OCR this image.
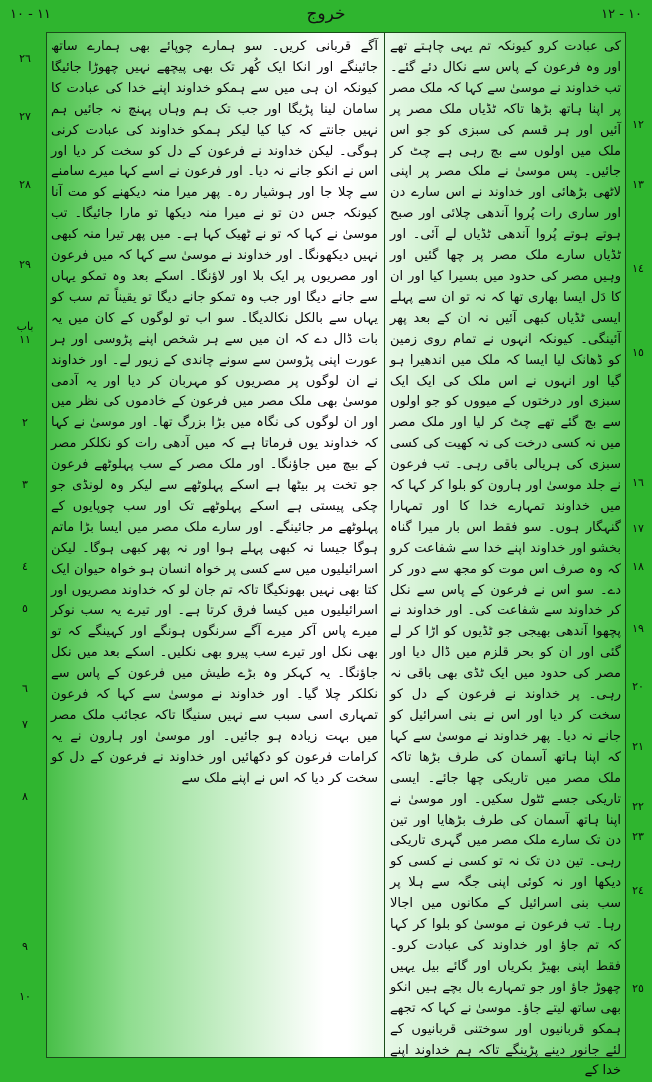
١١ - ١٠	خروج	١٠ - ١٢
٢٦
٢٧
٢٨
٢٩
باب ١١
٢
٣
٤
٥
٦
٧
٨
٩
١٠
١٢
١٣
١٤
١٥
١٦
١٧
١٨
١٩
٢٠
٢١
٢٢
٢٣
٢٤
٢٥

کی عبادت کرو کیونکہ تم یہی چاہتے تھے اور وہ فرعون کے پاس سے نکال دئے گئے۔ تب خداوند نے موسیٰ سے کہا کہ ملک مصر پر اپنا ہاتھ بڑھا تاکہ ٹڈیاں ملک مصر پر آئیں اور ہر قسم کی سبزی کو جو اس ملک میں اولوں سے بچ رہی ہے چٹ کر جائیں۔ پس موسیٰ نے ملک مصر پر اپنی لاٹھی بڑھائی اور خداوند نے اس سارے دن اور ساری رات پُروا آندھی چلائی اور صبح ہوتے ہوتے پُروا آندھی ٹڈیاں لے آئی۔ اور ٹڈیاں سارے ملک مصر پر چھا گئیں اور وہیں مصر کی حدود میں بسیرا کیا اور ان کا دَل ایسا بھاری تھا کہ نہ تو ان سے پہلے ایسی ٹڈیاں کبھی آئیں نہ ان کے بعد پھر آئینگی۔ کیونکہ انہوں نے تمام روی زمین کو ڈھانک لیا ایسا کہ ملک میں اندھیرا ہو گیا اور انہوں نے اس ملک کی ایک ایک سبزی اور درختوں کے میووں کو جو اولوں سے بچ گئے تھے چٹ کر لیا اور ملک مصر میں نہ کسی درخت کی نہ کھیت کی کسی سبزی کی ہریالی باقی رہی۔ تب فرعون نے جلد موسیٰ اور ہارون کو بلوا کر کہا کہ میں خداوند تمہارے خدا کا اور تمہارا گنہگار ہوں۔ سو فقط اس بار میرا گناہ بخشو اور خداوند اپنے خدا سے شفاعت کرو کہ وہ صرف اس موت کو مجھ سے دور کر دے۔ سو اس نے فرعون کے پاس سے نکل کر خداوند سے شفاعت کی۔ اور خداوند نے پچھوا آندھی بھیجی جو ٹڈیوں کو اڑا کر لے گئی اور ان کو بحر قلزم میں ڈال دیا اور مصر کی حدود میں ایک ٹڈی بھی باقی نہ رہی۔ پر خداوند نے فرعون کے دل کو سخت کر دیا اور اس نے بنی اسرائیل کو جانے نہ دیا۔ پھر خداوند نے موسیٰ سے کہا کہ اپنا ہاتھ آسمان کی طرف بڑھا تاکہ ملک مصر میں تاریکی چھا جائے۔ ایسی تاریکی جسے ٹٹول سکیں۔ اور موسیٰ نے اپنا ہاتھ آسمان کی طرف بڑھایا اور تین دن تک سارے ملک مصر میں گہری تاریکی رہی۔ تین دن تک نہ تو کسی نے کسی کو دیکھا اور نہ کوئی اپنی جگہ سے ہلا پر سب بنی اسرائیل کے مکانوں میں اجالا رہا۔ تب فرعون نے موسیٰ کو بلوا کر کہا کہ تم جاؤ اور خداوند کی عبادت کرو۔ فقط اپنی بھیڑ بکریاں اور گائے بیل یہیں چھوڑ جاؤ اور جو تمہارے بال بچے ہیں انکو بھی ساتھ لیتے جاؤ۔ موسیٰ نے کہا کہ تجھے ہمکو قربانیوں اور سوختنی قربانیوں کے لئے جانور دینے پڑینگے تاکہ ہم خداوند اپنے خدا کے

آگے قربانی کریں۔ سو ہمارے چوپائے بھی ہمارے ساتھ جائینگے اور انکا ایک کُھر تک بھی پیچھے نہیں چھوڑا جائیگا کیونکہ ان ہی میں سے ہمکو خداوند اپنے خدا کی عبادت کا سامان لینا پڑیگا اور جب تک ہم وہاں پہنچ نہ جائیں ہم نہیں جانتے کہ کیا کیا لیکر ہمکو خداوند کی عبادت کرنی ہوگی۔ لیکن خداوند نے فرعون کے دل کو سخت کر دیا اور اس نے انکو جانے نہ دیا۔ اور فرعون نے اسے کہا میرے سامنے سے چلا جا اور ہوشیار رہ۔ پھر میرا منہ دیکھنے کو مت آنا کیونکہ جس دن تو نے میرا منہ دیکھا تو مارا جائیگا۔ تب موسیٰ نے کہا کہ تو نے ٹھیک کہا ہے۔ میں پھر تیرا منہ کبھی نہیں دیکھونگا۔ اور خداوند نے موسیٰ سے کہا کہ میں فرعون اور مصریوں پر ایک بلا اور لاؤنگا۔ اسکے بعد وہ تمکو یہاں سے جانے دیگا اور جب وہ تمکو جانے دیگا تو یقیناً تم سب کو یہاں سے بالکل نکالدیگا۔ سو اب تو لوگوں کے کان میں یہ بات ڈال دے کہ ان میں سے ہر شخص اپنے پڑوسی اور ہر عورت اپنی پڑوسن سے سونے چاندی کے زیور لے۔ اور خداوند نے ان لوگوں پر مصریوں کو مہربان کر دیا اور یہ آدمی موسیٰ بھی ملک مصر میں فرعون کے خادموں کی نظر میں اور ان لوگوں کی نگاہ میں بڑا بزرگ تھا۔ اور موسیٰ نے کہا کہ خداوند یوں فرماتا ہے کہ میں آدھی رات کو نکلکر مصر کے بیچ میں جاؤنگا۔ اور ملک مصر کے سب پہلوٹھے فرعون جو تخت پر بیٹھا ہے اسکے پہلوٹھے سے لیکر وہ لونڈی جو چکی پیستی ہے اسکے پہلوٹھے تک اور سب چوپایوں کے پہلوٹھے مر جائینگے۔ اور سارے ملک مصر میں ایسا بڑا ماتم ہوگا جیسا نہ کبھی پہلے ہوا اور نہ پھر کبھی ہوگا۔ لیکن اسرائیلیوں میں سے کسی پر خواہ انسان ہو خواہ حیوان ایک کتا بھی نہیں بھونکیگا تاکہ تم جان لو کہ خداوند مصریوں اور اسرائیلیوں میں کیسا فرق کرتا ہے۔ اور تیرے یہ سب نوکر میرے پاس آکر میرے آگے سرنگوں ہونگے اور کہینگے کہ تو بھی نکل اور تیرے سب پیرو بھی نکلیں۔ اسکے بعد میں نکل جاؤنگا۔ یہ کہکر وہ بڑے طیش میں فرعون کے پاس سے نکلکر چلا گیا۔ اور خداوند نے موسیٰ سے کہا کہ فرعون تمہاری اسی سبب سے نہیں سنیگا تاکہ عجائب ملک مصر میں بہت زیادہ ہو جائیں۔ اور موسیٰ اور ہارون نے یہ کرامات فرعون کو دکھائیں اور خداوند نے فرعون کے دل کو سخت کر دیا کہ اس نے اپنے ملک سے
